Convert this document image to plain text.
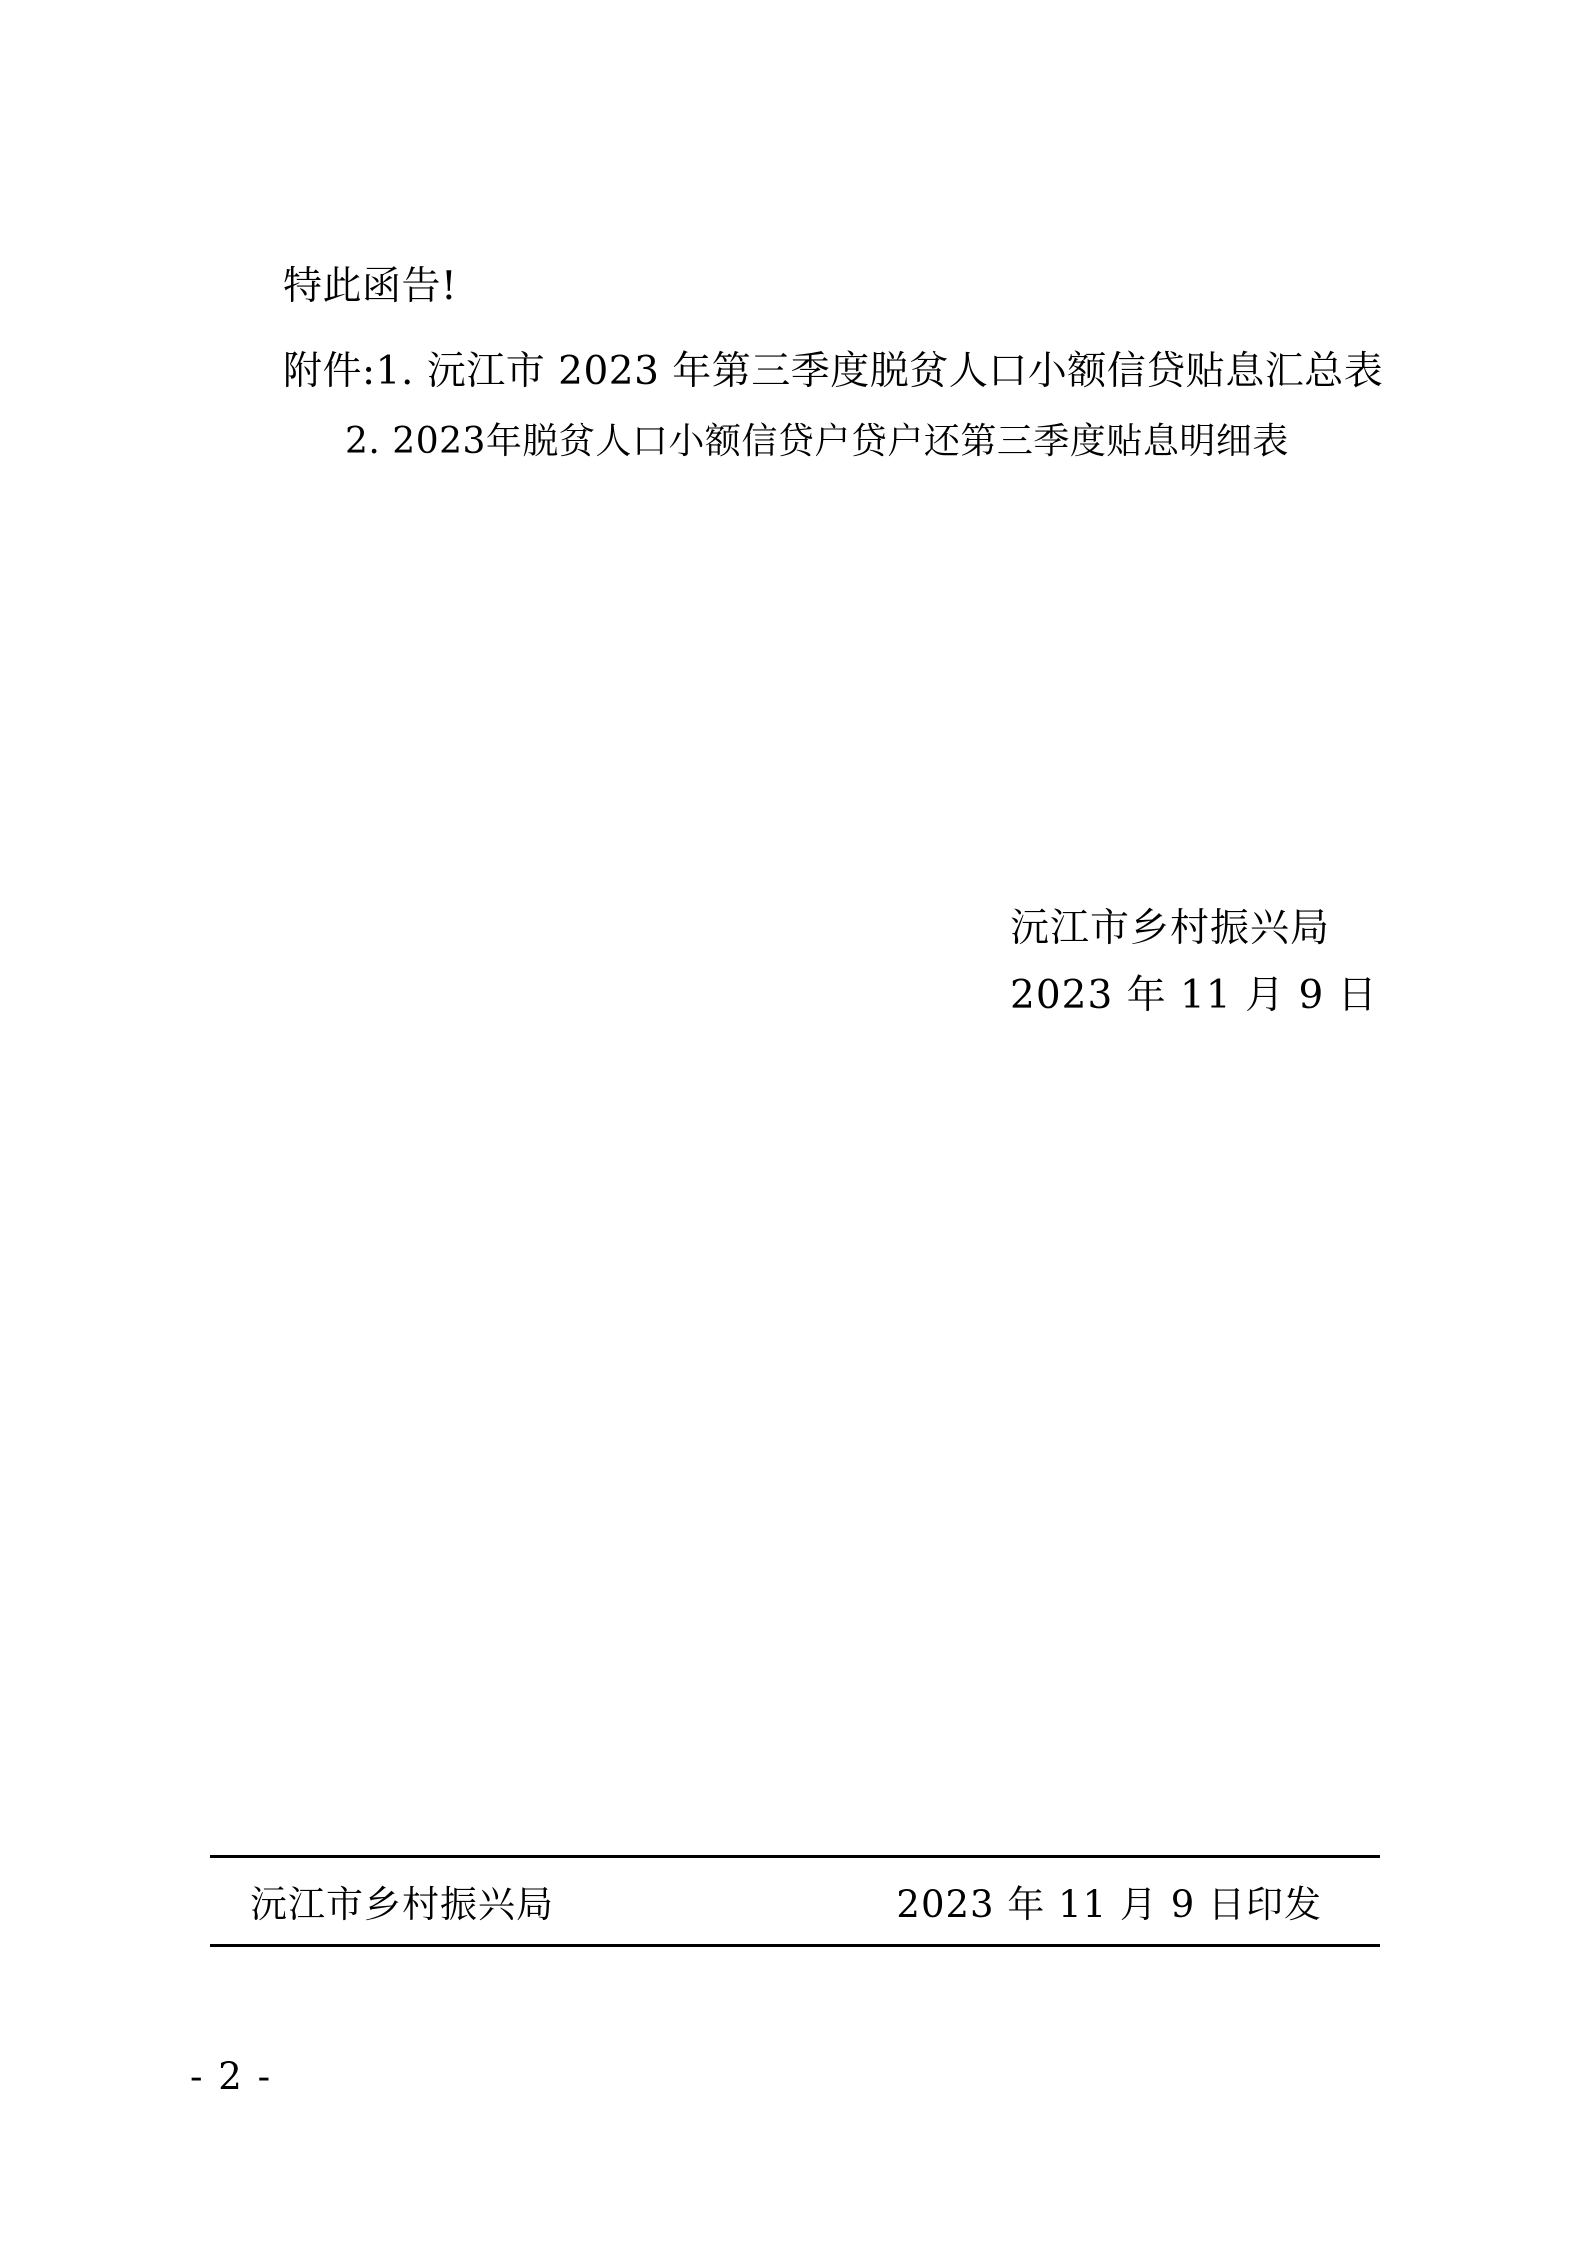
特此函告!
附件:1. 沅江市 2023 年第三季度脱贫人口小额信贷贴息汇总表
2. 2023年脱贫人口小额信贷户贷户还第三季度贴息明细表
沅江市乡村振兴局
2023 年 11 月 9 日
沅江市乡村振兴局	2023 年 11 月 9 日印发
- 2 -
